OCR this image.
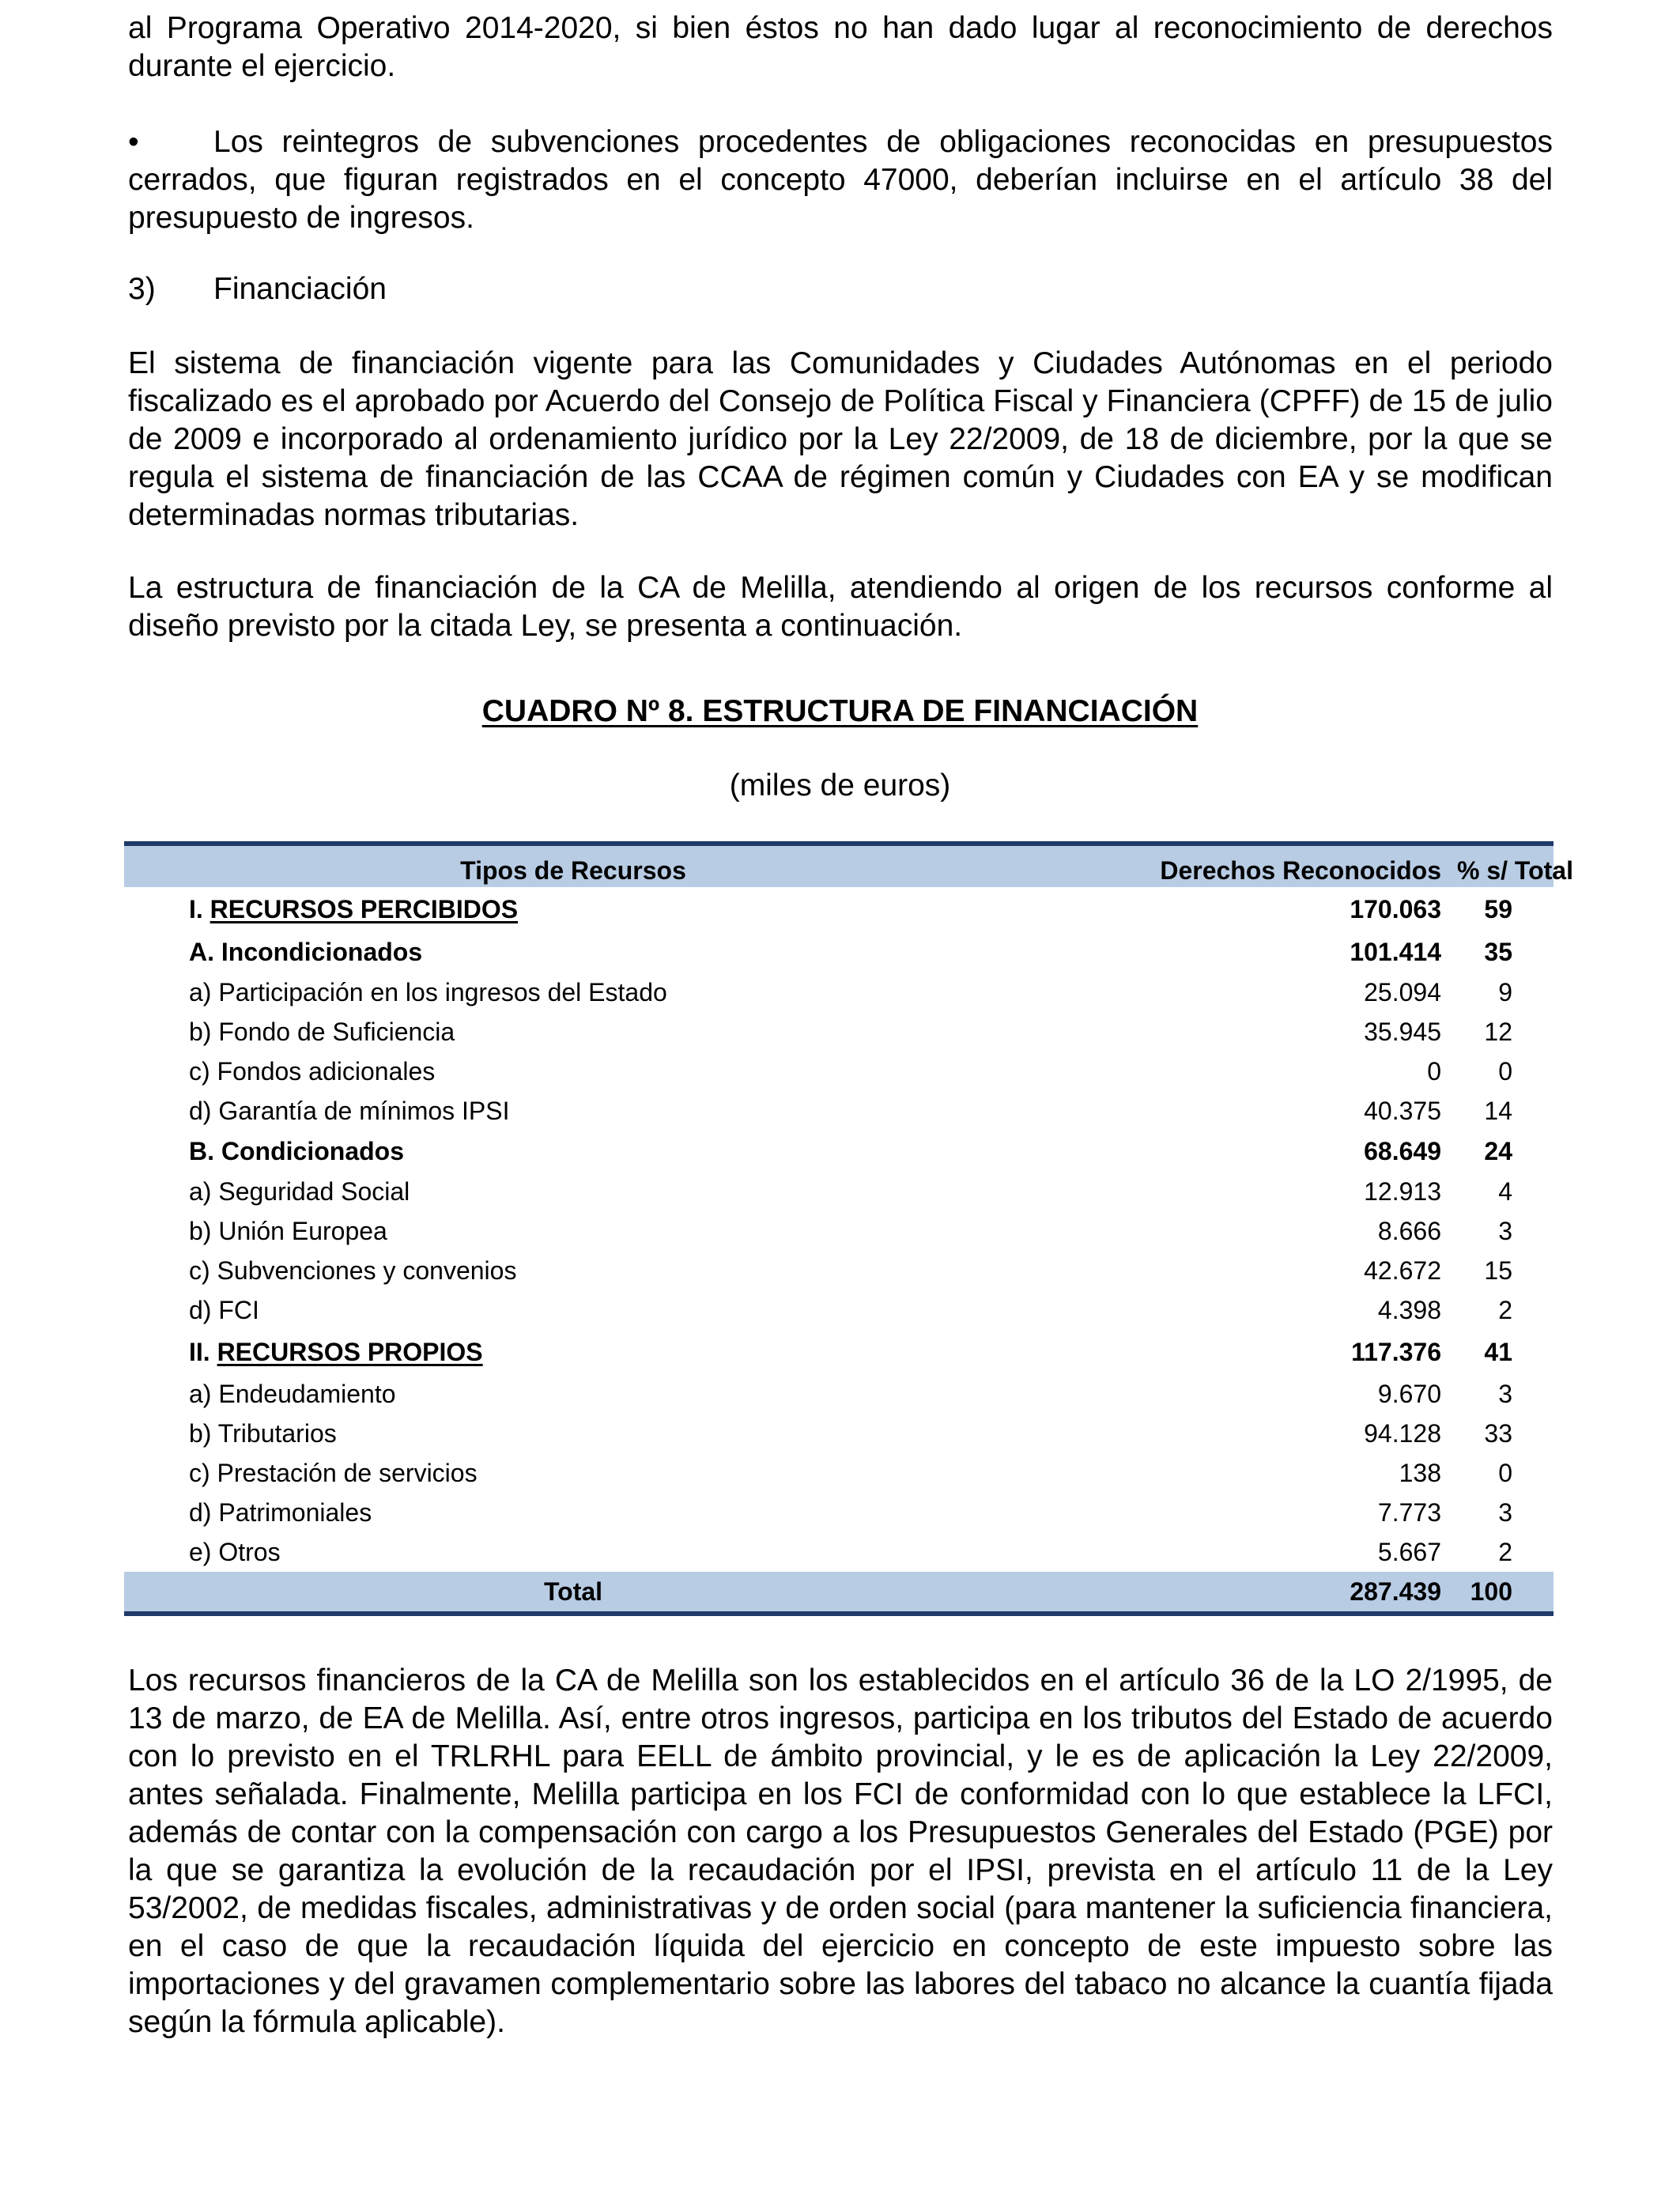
al Programa Operativo 2014-2020, si bien éstos no han dado lugar al reconocimiento de derechos durante el ejercicio.

• Los reintegros de subvenciones procedentes de obligaciones reconocidas en presupuestos cerrados, que figuran registrados en el concepto 47000, deberían incluirse en el artículo 38 del presupuesto de ingresos.

3) Financiación

El sistema de financiación vigente para las Comunidades y Ciudades Autónomas en el periodo fiscalizado es el aprobado por Acuerdo del Consejo de Política Fiscal y Financiera (CPFF) de 15 de julio de 2009 e incorporado al ordenamiento jurídico por la Ley 22/2009, de 18 de diciembre, por la que se regula el sistema de financiación de las CCAA de régimen común y Ciudades con EA y se modifican determinadas normas tributarias.

La estructura de financiación de la CA de Melilla, atendiendo al origen de los recursos conforme al diseño previsto por la citada Ley, se presenta a continuación.

CUADRO Nº 8. ESTRUCTURA DE FINANCIACIÓN

(miles de euros)

Tipos de Recursos	Derechos Reconocidos	% s/ Total
I. RECURSOS PERCIBIDOS	170.063	59
A. Incondicionados	101.414	35
a) Participación en los ingresos del Estado	25.094	9
b) Fondo de Suficiencia	35.945	12
c) Fondos adicionales	0	0
d) Garantía de mínimos IPSI	40.375	14
B. Condicionados	68.649	24
a) Seguridad Social	12.913	4
b) Unión Europea	8.666	3
c) Subvenciones y convenios	42.672	15
d) FCI	4.398	2
II. RECURSOS PROPIOS	117.376	41
a) Endeudamiento	9.670	3
b) Tributarios	94.128	33
c) Prestación de servicios	138	0
d) Patrimoniales	7.773	3
e) Otros	5.667	2
Total	287.439	100

Los recursos financieros de la CA de Melilla son los establecidos en el artículo 36 de la LO 2/1995, de 13 de marzo, de EA de Melilla. Así, entre otros ingresos, participa en los tributos del Estado de acuerdo con lo previsto en el TRLRHL para EELL de ámbito provincial, y le es de aplicación la Ley 22/2009, antes señalada. Finalmente, Melilla participa en los FCI de conformidad con lo que establece la LFCI, además de contar con la compensación con cargo a los Presupuestos Generales del Estado (PGE) por la que se garantiza la evolución de la recaudación por el IPSI, prevista en el artículo 11 de la Ley 53/2002, de medidas fiscales, administrativas y de orden social (para mantener la suficiencia financiera, en el caso de que la recaudación líquida del ejercicio en concepto de este impuesto sobre las importaciones y del gravamen complementario sobre las labores del tabaco no alcance la cuantía fijada según la fórmula aplicable).
